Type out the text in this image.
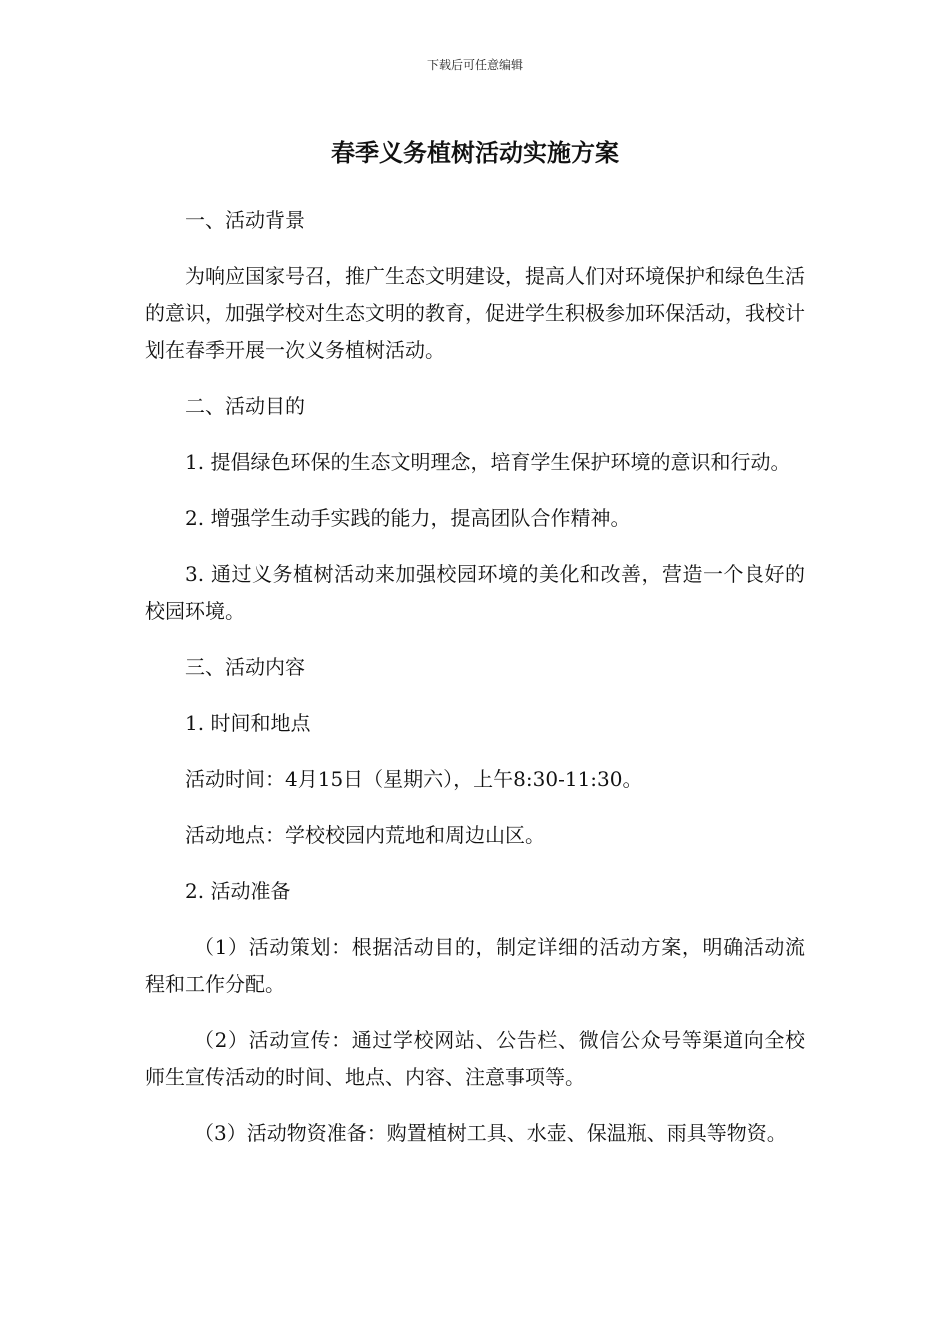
下载后可任意编辑
春季义务植树活动实施方案

一、活动背景

为响应国家号召，推广生态文明建设，提高人们对环境保护和绿色生活的意识，加强学校对生态文明的教育，促进学生积极参加环保活动，我校计划在春季开展一次义务植树活动。

二、活动目的

1. 提倡绿色环保的生态文明理念，培育学生保护环境的意识和行动。

2. 增强学生动手实践的能力，提高团队合作精神。

3. 通过义务植树活动来加强校园环境的美化和改善，营造一个良好的校园环境。

三、活动内容

1. 时间和地点

活动时间：4月15日（星期六），上午8:30-11:30。

活动地点：学校校园内荒地和周边山区。

2. 活动准备

（1）活动策划：根据活动目的，制定详细的活动方案，明确活动流程和工作分配。

（2）活动宣传：通过学校网站、公告栏、微信公众号等渠道向全校师生宣传活动的时间、地点、内容、注意事项等。

（3）活动物资准备：购置植树工具、水壶、保温瓶、雨具等物资。
